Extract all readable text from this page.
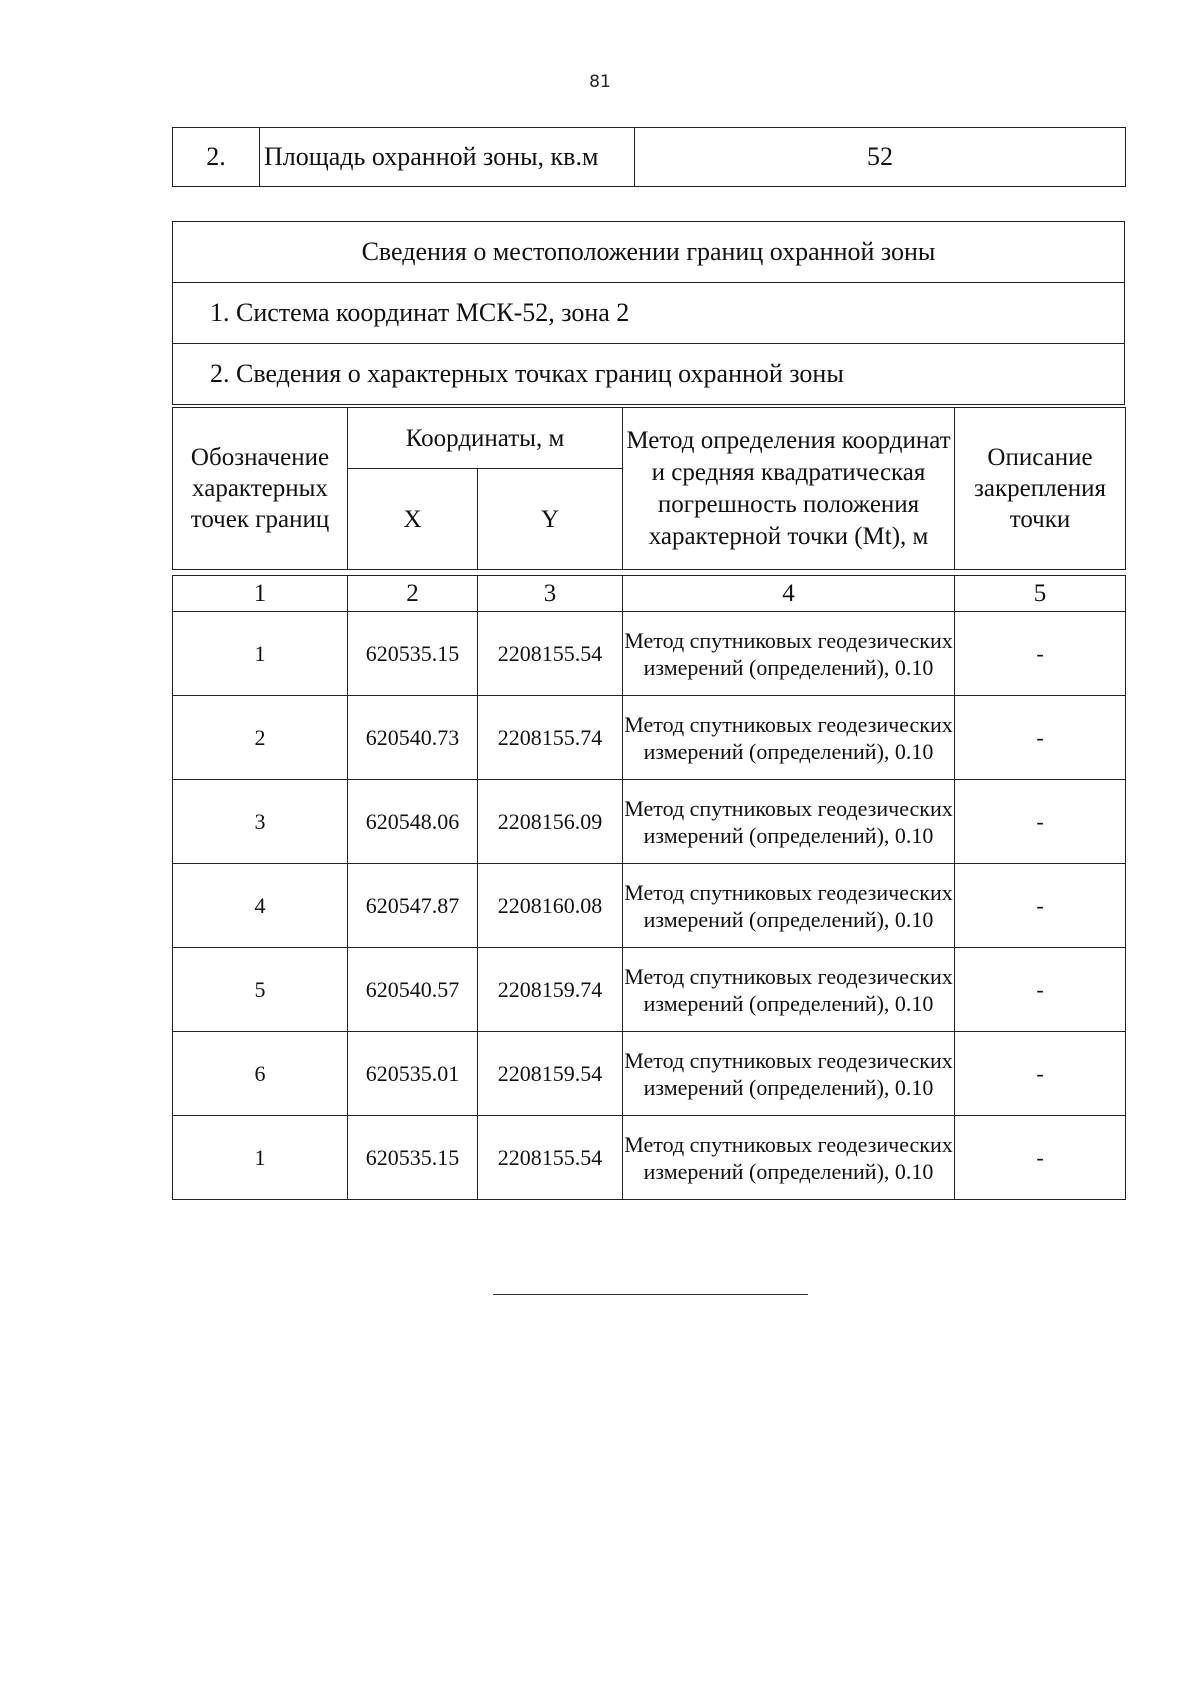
81
2.	Площадь охранной зоны, кв.м	52
Сведения о местоположении границ охранной зоны
1. Система координат МСК-52, зона 2
2. Сведения о характерных точках границ охранной зоны
Обозначение характерных точек границ	Координаты, м		Метод определения координат и средняя квадратическая погрешность положения характерной точки (Mt), м	Описание закрепления точки
	X	Y		
1	2	3	4	5
1	620535.15	2208155.54	Метод спутниковых геодезических измерений (определений), 0.10	-
2	620540.73	2208155.74	Метод спутниковых геодезических измерений (определений), 0.10	-
3	620548.06	2208156.09	Метод спутниковых геодезических измерений (определений), 0.10	-
4	620547.87	2208160.08	Метод спутниковых геодезических измерений (определений), 0.10	-
5	620540.57	2208159.74	Метод спутниковых геодезических измерений (определений), 0.10	-
6	620535.01	2208159.54	Метод спутниковых геодезических измерений (определений), 0.10	-
1	620535.15	2208155.54	Метод спутниковых геодезических измерений (определений), 0.10	-
